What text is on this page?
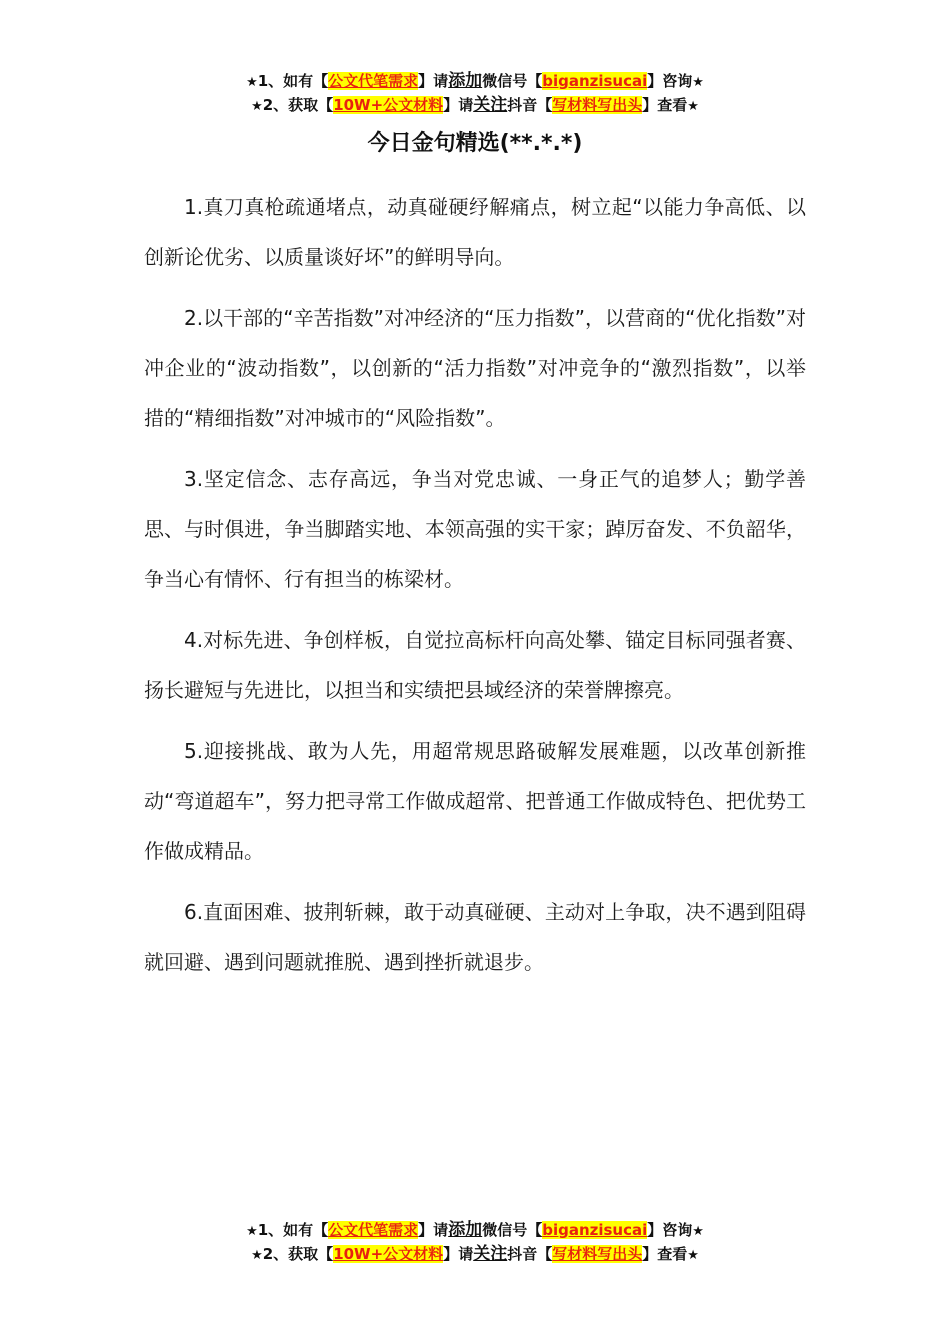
★1、如有【公文代笔需求】请添加微信号【biganzisucai】咨询★
★2、获取【10W+公文材料】请关注抖音【写材料写出头】查看★
今日金句精选(**.*.*)

1.真刀真枪疏通堵点，动真碰硬纾解痛点，树立起“以能力争高低、以创新论优劣、以质量谈好坏”的鲜明导向。

2.以干部的“辛苦指数”对冲经济的“压力指数”，以营商的“优化指数”对冲企业的“波动指数”，以创新的“活力指数”对冲竞争的“激烈指数”，以举措的“精细指数”对冲城市的“风险指数”。

3.坚定信念、志存高远，争当对党忠诚、一身正气的追梦人；勤学善思、与时俱进，争当脚踏实地、本领高强的实干家；踔厉奋发、不负韶华，争当心有情怀、行有担当的栋梁材。

4.对标先进、争创样板，自觉拉高标杆向高处攀、锚定目标同强者赛、扬长避短与先进比，以担当和实绩把县域经济的荣誉牌擦亮。

5.迎接挑战、敢为人先，用超常规思路破解发展难题，以改革创新推动“弯道超车”，努力把寻常工作做成超常、把普通工作做成特色、把优势工作做成精品。

6.直面困难、披荆斩棘，敢于动真碰硬、主动对上争取，决不遇到阻碍就回避、遇到问题就推脱、遇到挫折就退步。

★1、如有【公文代笔需求】请添加微信号【biganzisucai】咨询★
★2、获取【10W+公文材料】请关注抖音【写材料写出头】查看★
